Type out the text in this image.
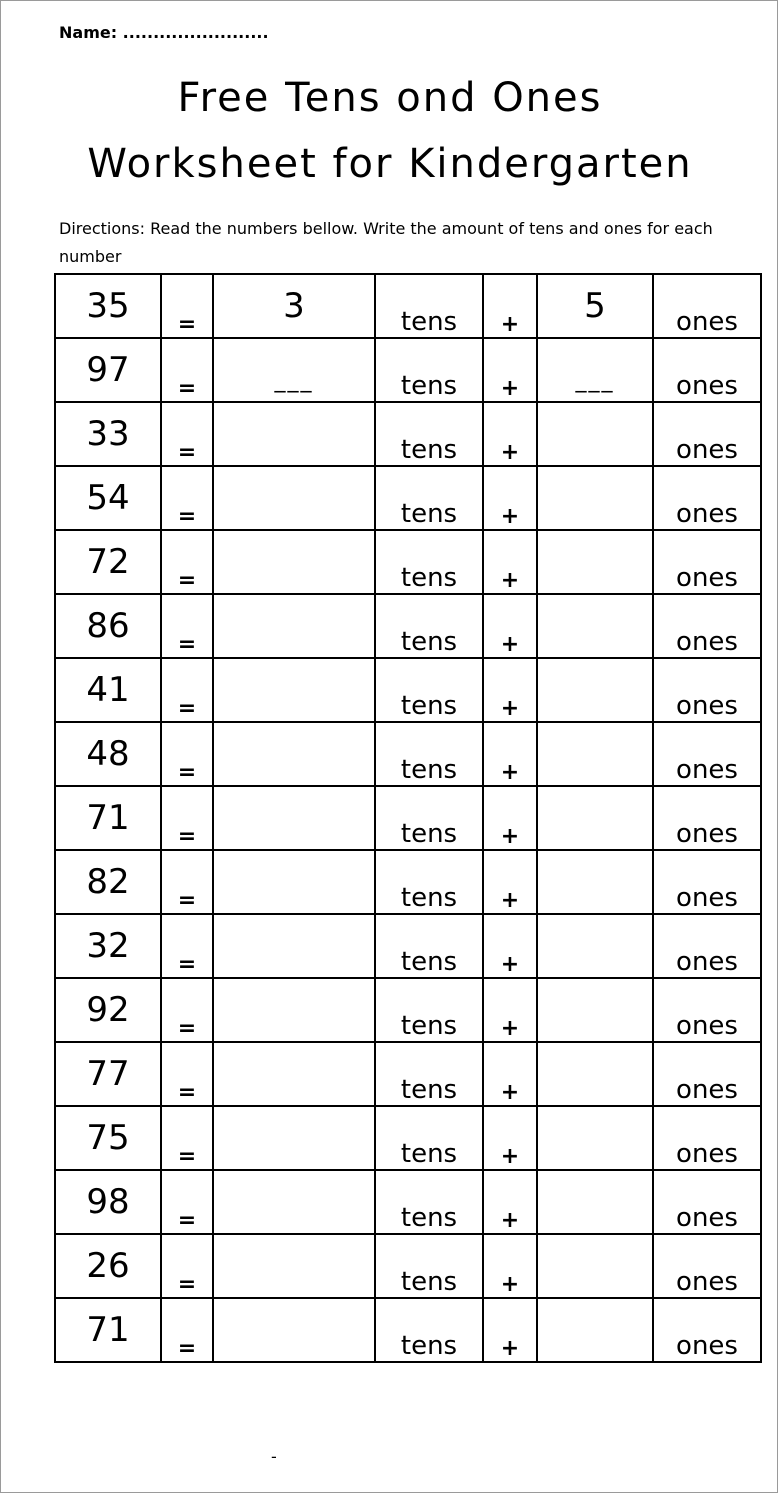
Name: ........................
Free Tens ond Ones
Worksheet for Kindergarten
Directions: Read the numbers bellow. Write the amount of tens and ones for each number
35	=	3	tens	+	5	ones
97	=	___	tens	+	___	ones
33	=		tens	+		ones
54	=		tens	+		ones
72	=		tens	+		ones
86	=		tens	+		ones
41	=		tens	+		ones
48	=		tens	+		ones
71	=		tens	+		ones
82	=		tens	+		ones
32	=		tens	+		ones
92	=		tens	+		ones
77	=		tens	+		ones
75	=		tens	+		ones
98	=		tens	+		ones
26	=		tens	+		ones
71	=		tens	+		ones
-
